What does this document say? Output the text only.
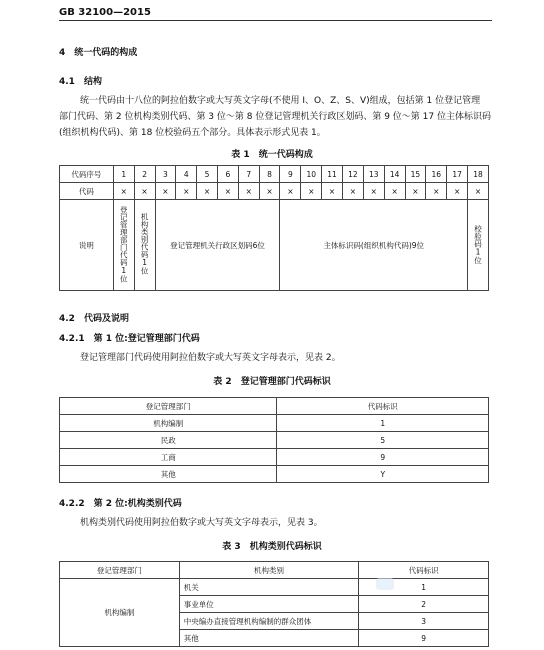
GB 32100—2015
4　统一代码的构成
4.1　结构
统一代码由十八位的阿拉伯数字或大写英文字母(不使用 I、O、Z、S、V)组成，包括第 1 位登记管理
部门代码、第 2 位机构类别代码、第 3 位～第 8 位登记管理机关行政区划码、第 9 位～第 17 位主体标识码
(组织机构代码)、第 18 位校验码五个部分。具体表示形式见表 1。
表 1　统一代码构成
代码序号	1	2	3	4	5	6	7	8	9	10	11	12	13	14	15	16	17	18
代码	×	×	×	×	×	×	×	×	×	×	×	×	×	×	×	×	×	×
说明	登记管理部门代码1位	机构类别代码1位	登记管理机关行政区划码6位						主体标识码(组织机构代码)9位									校验码1位
4.2　代码及说明
4.2.1　第 1 位:登记管理部门代码
登记管理部门代码使用阿拉伯数字或大写英文字母表示，见表 2。
表 2　登记管理部门代码标识
登记管理部门	代码标识
机构编制	1
民政	5
工商	9
其他	Y
4.2.2　第 2 位:机构类别代码
机构类别代码使用阿拉伯数字或大写英文字母表示，见表 3。
表 3　机构类别代码标识
登记管理部门	机构类别	代码标识
机构编制	机关	1
	事业单位	2
	中央编办直接管理机构编制的群众团体	3
	其他	9
